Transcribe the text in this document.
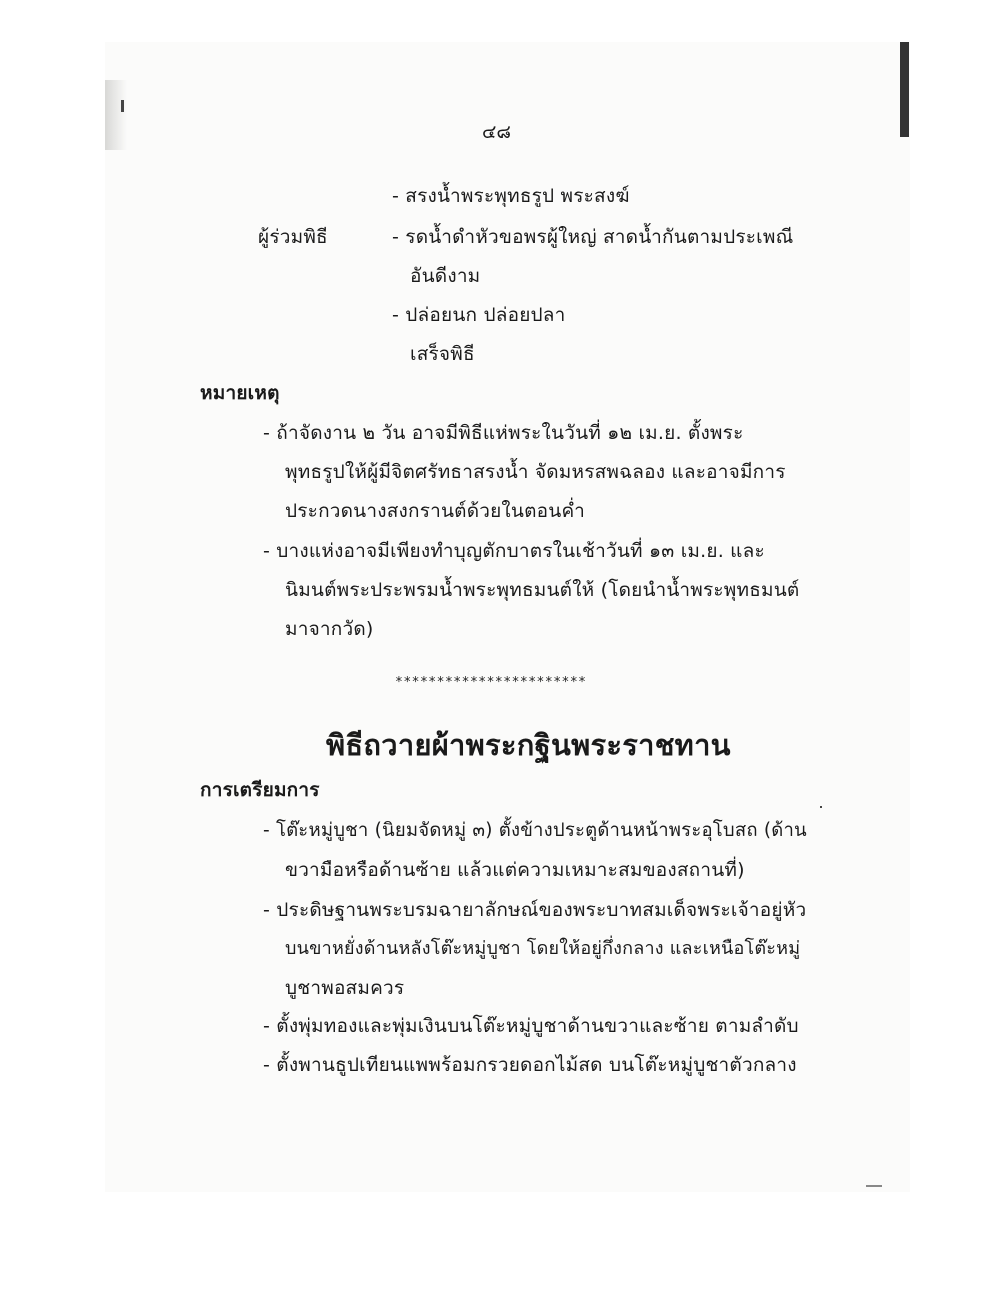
๔๘
- สรงน้ำพระพุทธรูป พระสงฆ์
ผู้ร่วมพิธี	- รดน้ำดำหัวขอพรผู้ใหญ่ สาดน้ำกันตามประเพณี
อันดีงาม
- ปล่อยนก ปล่อยปลา
เสร็จพิธี
หมายเหตุ
- ถ้าจัดงาน ๒ วัน อาจมีพิธีแห่พระในวันที่ ๑๒ เม.ย. ตั้งพระ
พุทธรูปให้ผู้มีจิตศรัทธาสรงน้ำ จัดมหรสพฉลอง และอาจมีการ
ประกวดนางสงกรานต์ด้วยในตอนค่ำ
- บางแห่งอาจมีเพียงทำบุญตักบาตรในเช้าวันที่ ๑๓ เม.ย. และ
นิมนต์พระประพรมน้ำพระพุทธมนต์ให้ (โดยนำน้ำพระพุทธมนต์
มาจากวัด)
***********************
พิธีถวายผ้าพระกฐินพระราชทาน
การเตรียมการ
- โต๊ะหมู่บูชา (นิยมจัดหมู่ ๓) ตั้งข้างประตูด้านหน้าพระอุโบสถ (ด้าน
ขวามือหรือด้านซ้าย แล้วแต่ความเหมาะสมของสถานที่)
- ประดิษฐานพระบรมฉายาลักษณ์ของพระบาทสมเด็จพระเจ้าอยู่หัว
บนขาหยั่งด้านหลังโต๊ะหมู่บูชา โดยให้อยู่กึ่งกลาง และเหนือโต๊ะหมู่
บูชาพอสมควร
- ตั้งพุ่มทองและพุ่มเงินบนโต๊ะหมู่บูชาด้านขวาและซ้าย ตามลำดับ
- ตั้งพานธูปเทียนแพพร้อมกรวยดอกไม้สด บนโต๊ะหมู่บูชาตัวกลาง
